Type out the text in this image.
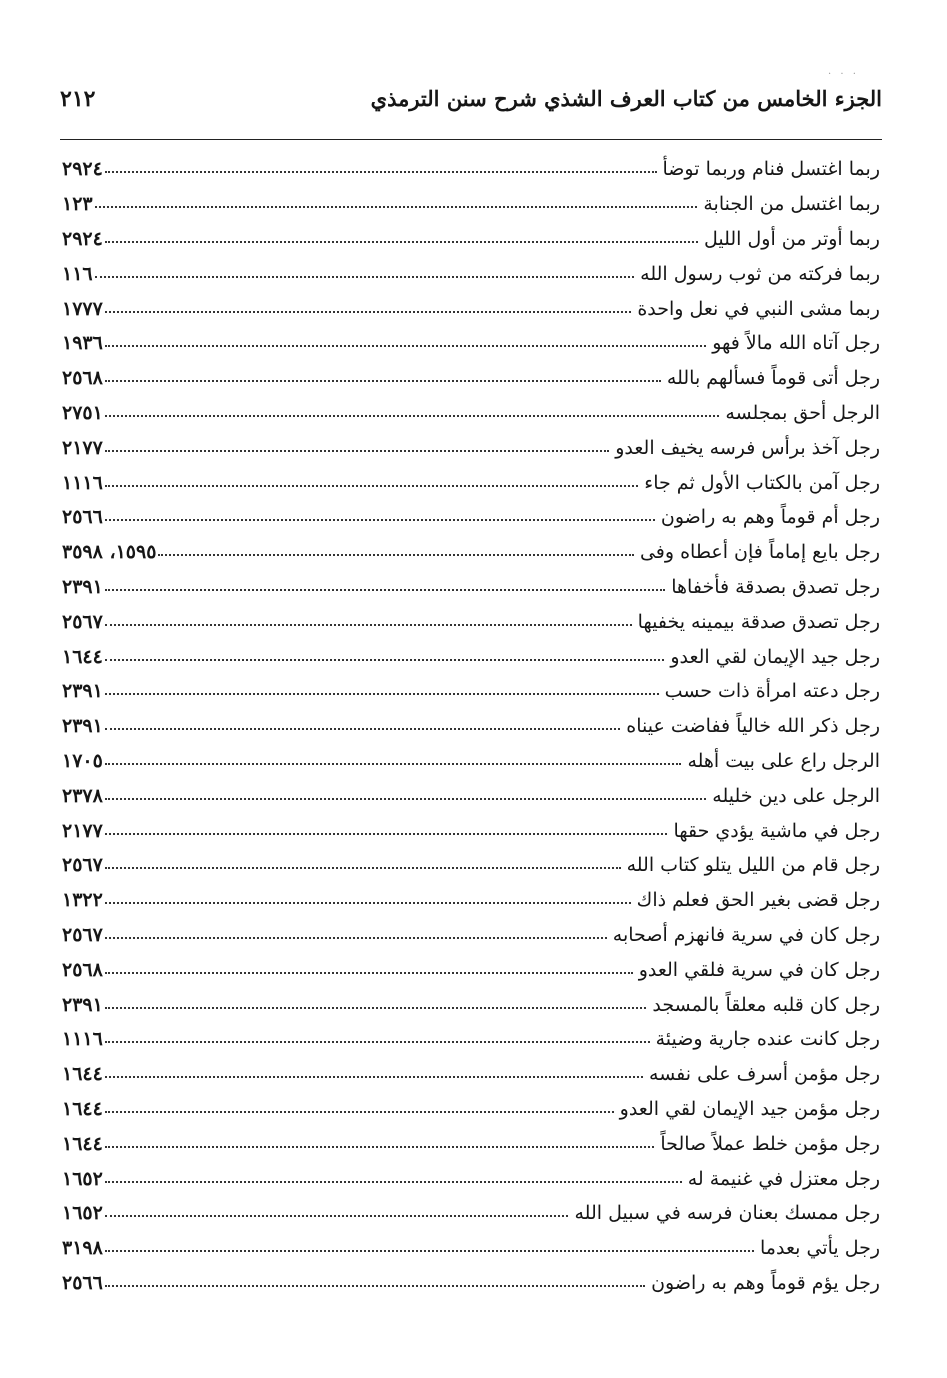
. . .
الجزء الخامس من كتاب العرف الشذي شرح سنن الترمذي
٢١٢
ربما اغتسل فنام وربما توضأ
٢٩٢٤
ربما اغتسل من الجنابة
١٢٣
ربما أوتر من أول الليل
٢٩٢٤
ربما فركته من ثوب رسول الله
١١٦
ربما مشى النبي في نعل واحدة
١٧٧٧
رجل آتاه الله مالاً فهو
١٩٣٦
رجل أتى قوماً فسألهم بالله
٢٥٦٨
الرجل أحق بمجلسه
٢٧٥١
رجل آخذ برأس فرسه يخيف العدو
٢١٧٧
رجل آمن بالكتاب الأول ثم جاء
١١١٦
رجل أم قوماً وهم به راضون
٢٥٦٦
رجل بايع إماماً فإن أعطاه وفى
١٥٩٥، ٣٥٩٨
رجل تصدق بصدقة فأخفاها
٢٣٩١
رجل تصدق صدقة بيمينه يخفيها
٢٥٦٧
رجل جيد الإيمان لقي العدو
١٦٤٤
رجل دعته امرأة ذات حسب
٢٣٩١
رجل ذكر الله خالياً ففاضت عيناه
٢٣٩١
الرجل راع على بيت أهله
١٧٠٥
الرجل على دين خليله
٢٣٧٨
رجل في ماشية يؤدي حقها
٢١٧٧
رجل قام من الليل يتلو كتاب الله
٢٥٦٧
رجل قضى بغير الحق فعلم ذاك
١٣٢٢
رجل كان في سرية فانهزم أصحابه
٢٥٦٧
رجل كان في سرية فلقي العدو
٢٥٦٨
رجل كان قلبه معلقاً بالمسجد
٢٣٩١
رجل كانت عنده جارية وضيئة
١١١٦
رجل مؤمن أسرف على نفسه
١٦٤٤
رجل مؤمن جيد الإيمان لقي العدو
١٦٤٤
رجل مؤمن خلط عملاً صالحاً
١٦٤٤
رجل معتزل في غنيمة له
١٦٥٢
رجل ممسك بعنان فرسه في سبيل الله
١٦٥٢
رجل يأتي بعدما
٣١٩٨
رجل يؤم قوماً وهم به راضون
٢٥٦٦
